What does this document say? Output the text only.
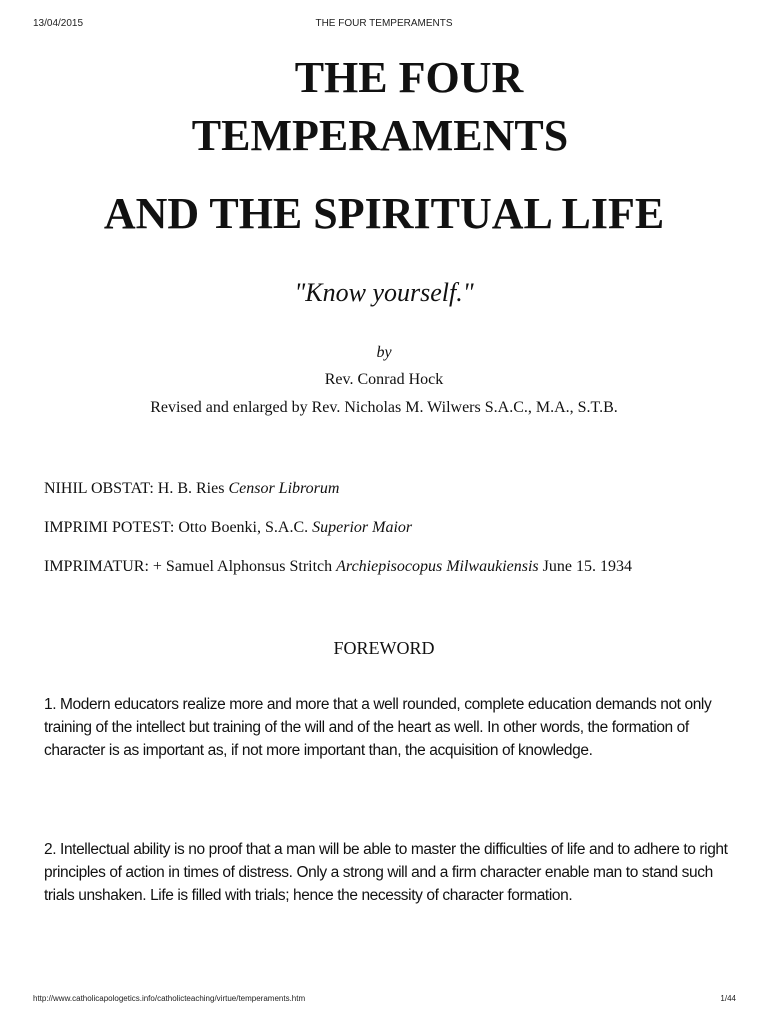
13/04/2015	THE FOUR TEMPERAMENTS
THE FOUR
TEMPERAMENTS
AND THE SPIRITUAL LIFE
"Know yourself."
by
Rev. Conrad Hock
Revised and enlarged by Rev. Nicholas M. Wilwers S.A.C., M.A., S.T.B.
NIHIL OBSTAT: H. B. Ries Censor Librorum
IMPRIMI POTEST: Otto Boenki, S.A.C. Superior Maior
IMPRIMATUR: + Samuel Alphonsus Stritch Archiepisocopus Milwaukiensis June 15. 1934
FOREWORD

1. Modern educators realize more and more that a well rounded, complete education demands not only training of the intellect but training of the will and of the heart as well. In other words, the formation of character is as important as, if not more important than, the acquisition of knowledge.

2. Intellectual ability is no proof that a man will be able to master the difficulties of life and to adhere to right principles of action in times of distress. Only a strong will and a firm character enable man to stand such trials unshaken. Life is filled with trials; hence the necessity of character formation.

http://www.catholicapologetics.info/catholicteaching/virtue/temperaments.htm	1/44
